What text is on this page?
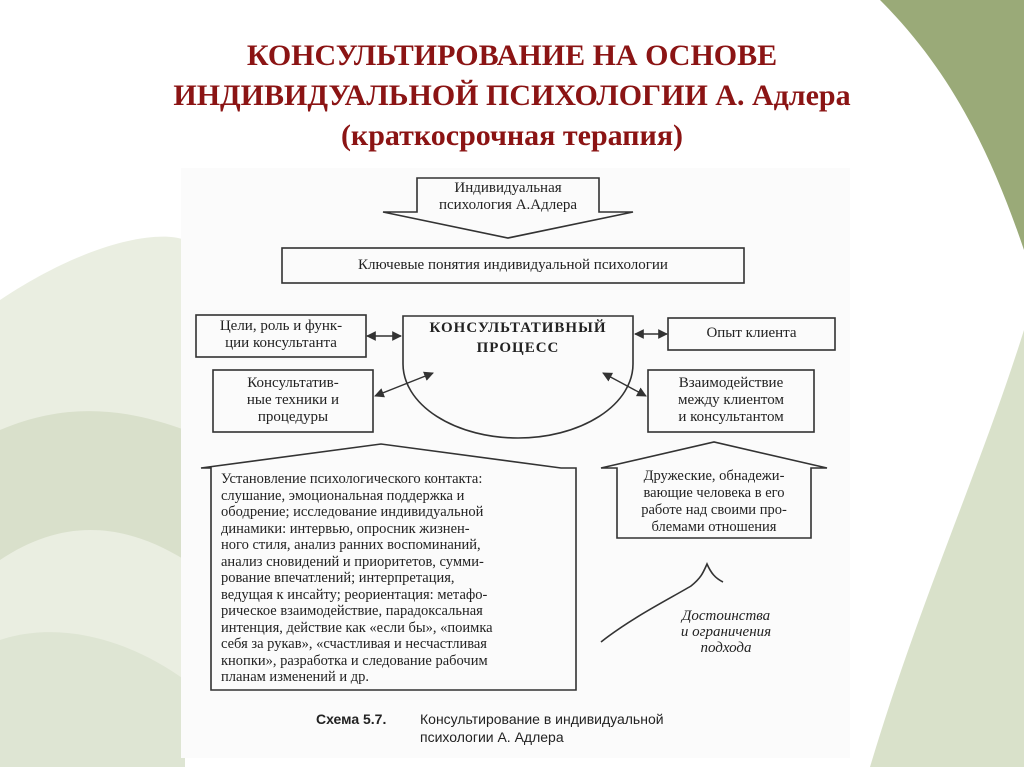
КОНСУЛЬТИРОВАНИЕ НА ОСНОВЕ
ИНДИВИДУАЛЬНОЙ ПСИХОЛОГИИ А. Адлера
(краткосрочная терапия)
Индивидуальная
психология А.Адлера
Ключевые понятия индивидуальной психологии
КОНСУЛЬТАТИВНЫЙ
ПРОЦЕСС
Цели, роль и функ-
ции консультанта
Опыт клиента
Консультатив-
ные техники и
процедуры
Взаимодействие
между клиентом
и консультантом
Установление психологического контакта:
слушание, эмоциональная поддержка и
ободрение; исследование индивидуальной
динамики: интервью, опросник жизнен-
ного стиля, анализ ранних воспоминаний,
анализ сновидений и приоритетов, сумми-
рование впечатлений; интерпретация,
ведущая к инсайту; реориентация: метафо-
рическое взаимодействие, парадоксальная
интенция, действие как «если бы», «поимка
себя за рукав», «счастливая и несчастливая
кнопки», разработка и следование рабочим
планам изменений и др.
Дружеские, обнадежи-
вающие человека в его
работе над своими про-
блемами отношения
Достоинства
и ограничения
подхода
Схема 5.7. Консультирование в индивидуальной
психологии А. Адлера
